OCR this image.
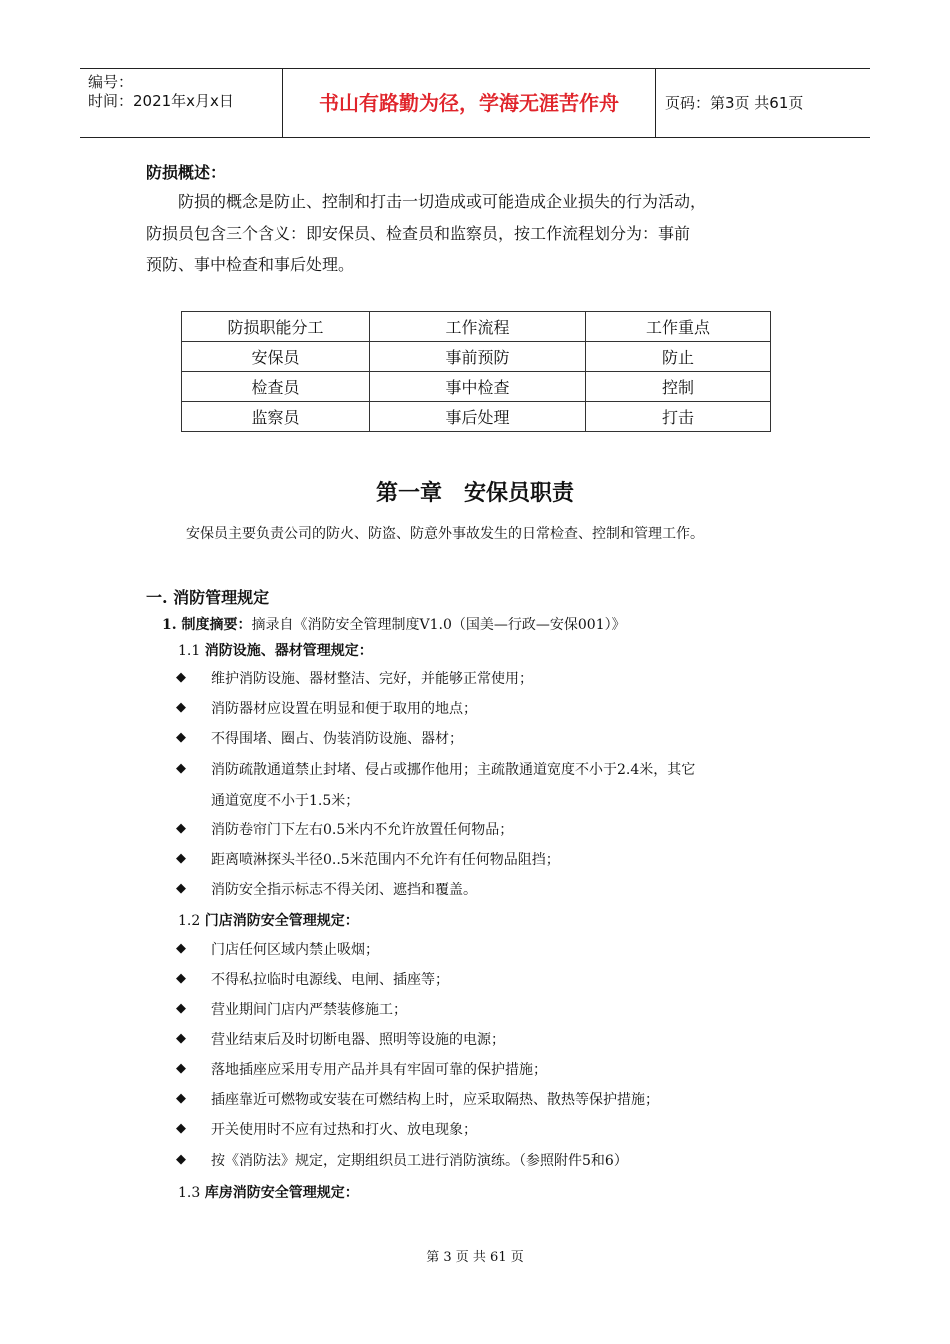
编号：
时间：2021年x月x日	书山有路勤为径，学海无涯苦作舟	页码：第3页 共61页
防损概述：
防损的概念是防止、控制和打击一切造成或可能造成企业损失的行为活动，
防损员包含三个含义：即安保员、检查员和监察员，按工作流程划分为：事前
预防、事中检查和事后处理。
防损职能分工	工作流程	工作重点
安保员	事前预防	防止
检查员	事中检查	控制
监察员	事后处理	打击
第一章　安保员职责
安保员主要负责公司的防火、防盗、防意外事故发生的日常检查、控制和管理工作。
一. 消防管理规定
1. 制度摘要：摘录自《消防安全管理制度V1.0（国美—行政—安保001）》
1.1 消防设施、器材管理规定：
◆ 维护消防设施、器材整洁、完好，并能够正常使用；
◆ 消防器材应设置在明显和便于取用的地点；
◆ 不得围堵、圈占、伪装消防设施、器材；
◆ 消防疏散通道禁止封堵、侵占或挪作他用；主疏散通道宽度不小于2.4米，其它
通道宽度不小于1.5米；
◆ 消防卷帘门下左右0.5米内不允许放置任何物品；
◆ 距离喷淋探头半径0..5米范围内不允许有任何物品阻挡；
◆ 消防安全指示标志不得关闭、遮挡和覆盖。
1.2 门店消防安全管理规定：
◆ 门店任何区域内禁止吸烟；
◆ 不得私拉临时电源线、电闸、插座等；
◆ 营业期间门店内严禁装修施工；
◆ 营业结束后及时切断电器、照明等设施的电源；
◆ 落地插座应采用专用产品并具有牢固可靠的保护措施；
◆ 插座靠近可燃物或安装在可燃结构上时，应采取隔热、散热等保护措施；
◆ 开关使用时不应有过热和打火、放电现象；
◆ 按《消防法》规定，定期组织员工进行消防演练。（参照附件5和6）
1.3 库房消防安全管理规定：
第 3 页 共 61 页
